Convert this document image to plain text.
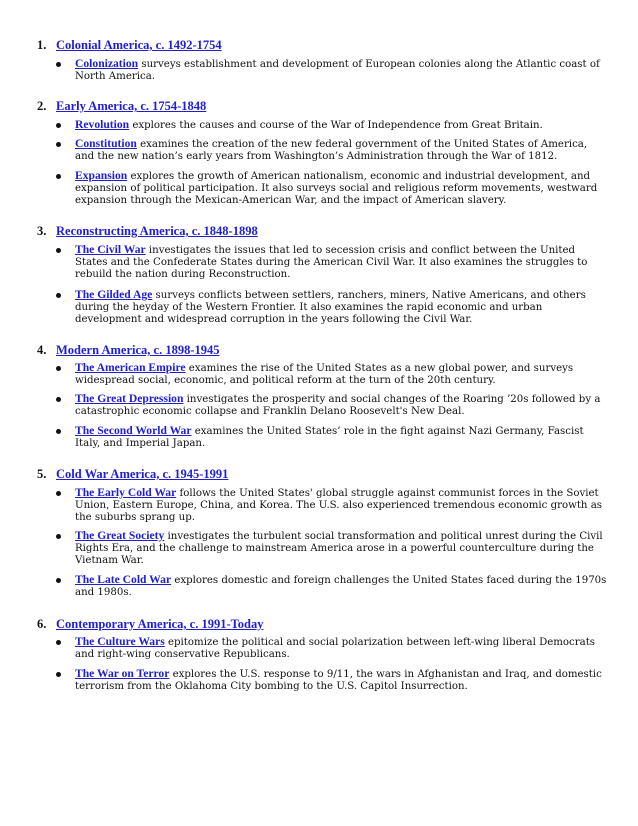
1. Colonial America, c. 1492-1754
Colonization surveys establishment and development of European colonies along the Atlantic coast of North America.
2. Early America, c. 1754-1848
Revolution explores the causes and course of the War of Independence from Great Britain.
Constitution examines the creation of the new federal government of the United States of America, and the new nation’s early years from Washington’s Administration through the War of 1812.
Expansion explores the growth of American nationalism, economic and industrial development, and expansion of political participation. It also surveys social and religious reform movements, westward expansion through the Mexican-American War, and the impact of American slavery.
3. Reconstructing America, c. 1848-1898
The Civil War investigates the issues that led to secession crisis and conflict between the United States and the Confederate States during the American Civil War. It also examines the struggles to rebuild the nation during Reconstruction.
The Gilded Age surveys conflicts between settlers, ranchers, miners, Native Americans, and others during the heyday of the Western Frontier. It also examines the rapid economic and urban development and widespread corruption in the years following the Civil War.
4. Modern America, c. 1898-1945
The American Empire examines the rise of the United States as a new global power, and surveys widespread social, economic, and political reform at the turn of the 20th century.
The Great Depression investigates the prosperity and social changes of the Roaring ’20s followed by a catastrophic economic collapse and Franklin Delano Roosevelt's New Deal.
The Second World War examines the United States’ role in the fight against Nazi Germany, Fascist Italy, and Imperial Japan.
5. Cold War America, c. 1945-1991
The Early Cold War follows the United States' global struggle against communist forces in the Soviet Union, Eastern Europe, China, and Korea. The U.S. also experienced tremendous economic growth as the suburbs sprang up.
The Great Society investigates the turbulent social transformation and political unrest during the Civil Rights Era, and the challenge to mainstream America arose in a powerful counterculture during the Vietnam War.
The Late Cold War explores domestic and foreign challenges the United States faced during the 1970s and 1980s.
6. Contemporary America, c. 1991-Today
The Culture Wars epitomize the political and social polarization between left-wing liberal Democrats and right-wing conservative Republicans.
The War on Terror explores the U.S. response to 9/11, the wars in Afghanistan and Iraq, and domestic terrorism from the Oklahoma City bombing to the U.S. Capitol Insurrection.
